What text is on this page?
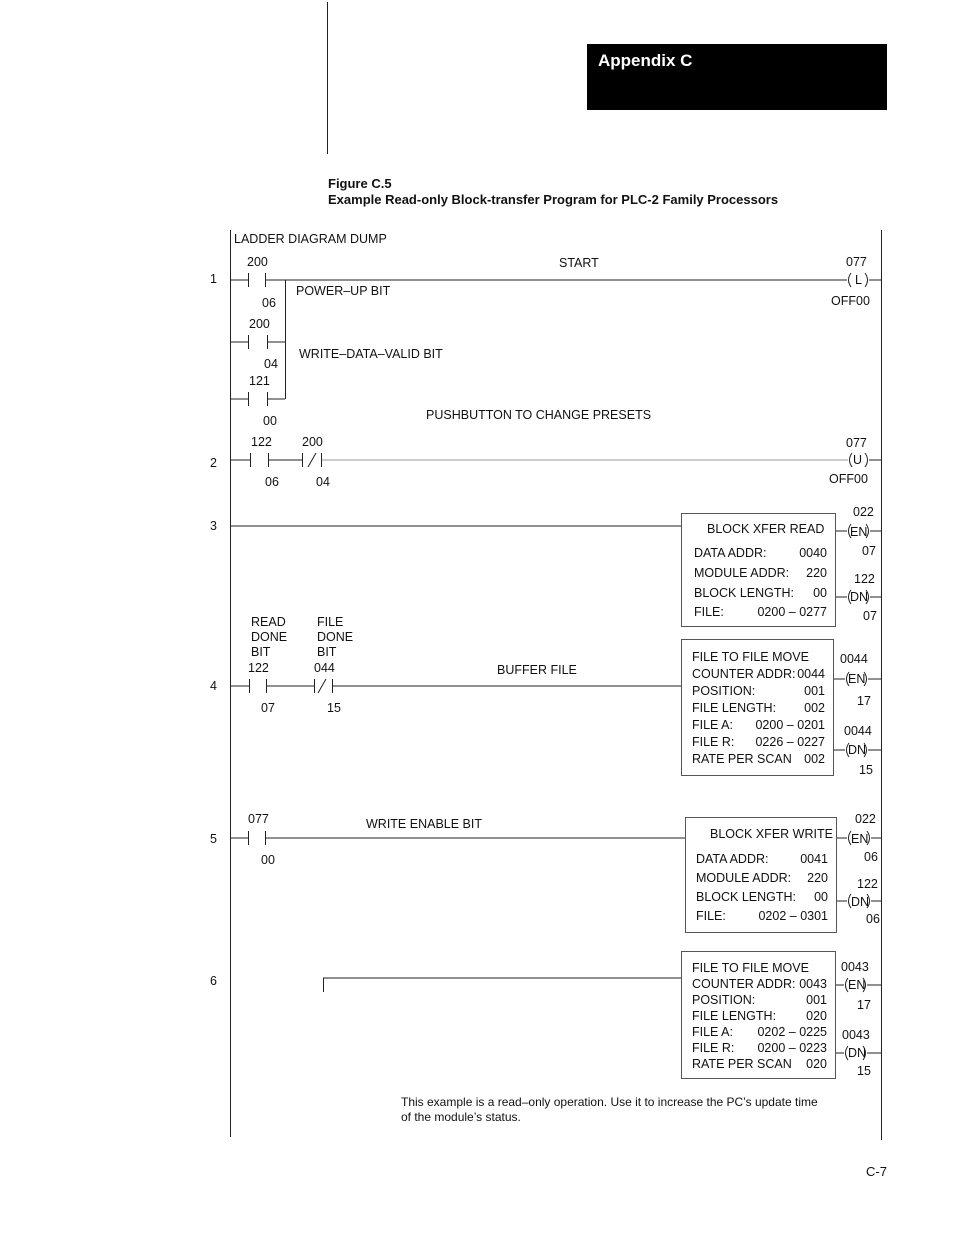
Appendix C
Figure C.5
Example Read-only Block-transfer Program for PLC-2 Family Processors
LADDER DIAGRAM DUMP
1
2
3
4
5
6
START
POWER–UP BIT
WRITE–DATA–VALID BIT
200
06
200
04
121
00
077
L
OFF00
PUSHBUTTON TO CHANGE PRESETS
122
06
200
04
077
U
OFF00
BLOCK XFER READ
DATA ADDR:	0040
MODULE ADDR: 220
BLOCK LENGTH: 00
FILE:	0200 – 0277
022
EN
07
122
DN
07
READ
DONE
BIT
FILE
DONE
BIT
122
07
044
15
BUFFER FILE
FILE TO FILE MOVE
COUNTER ADDR: 0044
POSITION:	001
FILE LENGTH: 002
FILE A: 0200 – 0201
FILE R: 0226 – 0227
RATE PER SCAN 002
0044
EN
17
0044
DN
15
077
00
WRITE ENABLE BIT
BLOCK XFER WRITE
DATA ADDR:	0041
MODULE ADDR: 220
BLOCK LENGTH: 00
FILE:	0202 – 0301
022
EN
06
122
DN
06
FILE TO FILE MOVE
COUNTER ADDR: 0043
POSITION:	001
FILE LENGTH: 020
FILE A: 0202 – 0225
FILE R: 0200 – 0223
RATE PER SCAN 020
0043
EN
17
0043
DN
15
This example is a read–only operation. Use it to increase the PC’s update time
of the module’s status.
C-7
